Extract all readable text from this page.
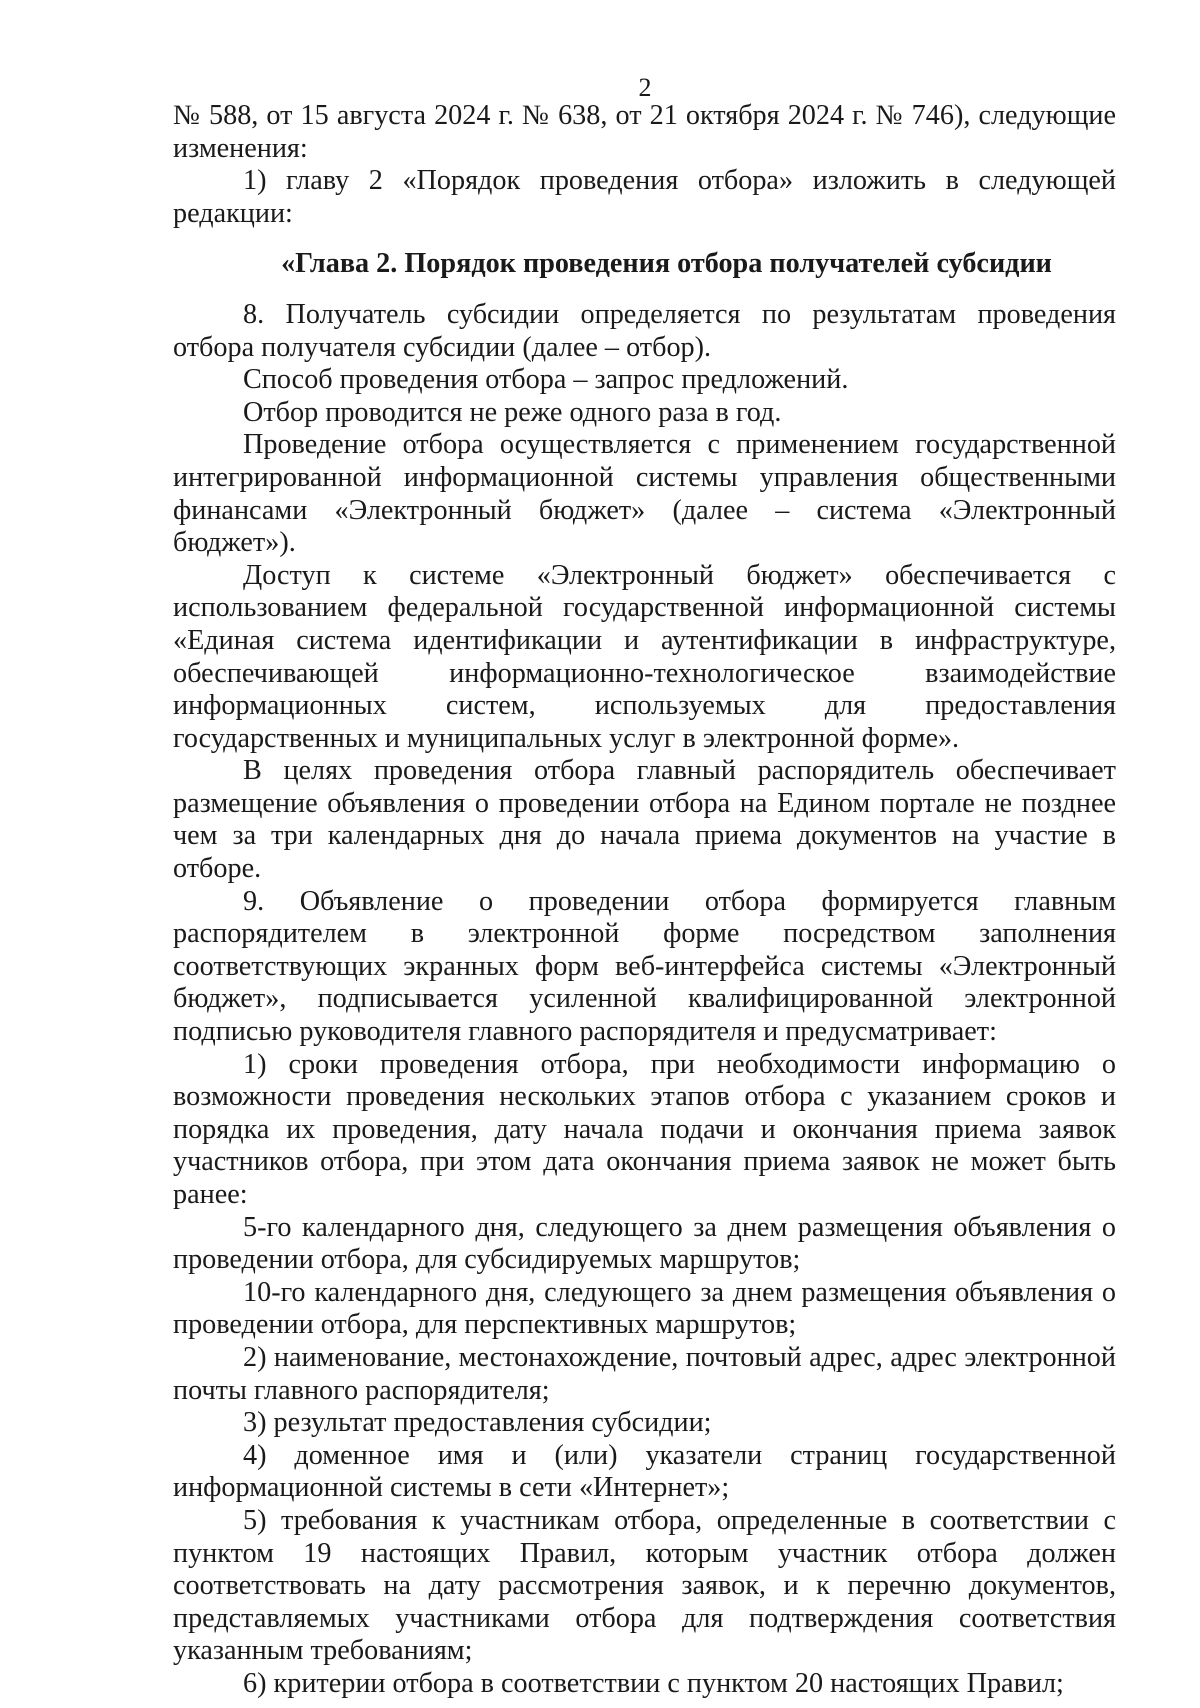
2

№ 588, от 15 августа 2024 г. № 638, от 21 октября 2024 г. № 746), следующие изменения:

1) главу 2 «Порядок проведения отбора» изложить в следующей редакции:

«Глава 2. Порядок проведения отбора получателей субсидии

8. Получатель субсидии определяется по результатам проведения отбора получателя субсидии (далее – отбор).

Способ проведения отбора – запрос предложений.

Отбор проводится не реже одного раза в год.

Проведение отбора осуществляется с применением государственной интегрированной информационной системы управления общественными финансами «Электронный бюджет» (далее – система «Электронный бюджет»).

Доступ к системе «Электронный бюджет» обеспечивается с использованием федеральной государственной информационной системы «Единая система идентификации и аутентификации в инфраструктуре, обеспечивающей информационно-технологическое взаимодействие информационных систем, используемых для предоставления государственных и муниципальных услуг в электронной форме».

В целях проведения отбора главный распорядитель обеспечивает размещение объявления о проведении отбора на Едином портале не позднее чем за три календарных дня до начала приема документов на участие в отборе.

9. Объявление о проведении отбора формируется главным распорядителем в электронной форме посредством заполнения соответствующих экранных форм веб-интерфейса системы «Электронный бюджет», подписывается усиленной квалифицированной электронной подписью руководителя главного распорядителя и предусматривает:

1) сроки проведения отбора, при необходимости информацию о возможности проведения нескольких этапов отбора с указанием сроков и порядка их проведения, дату начала подачи и окончания приема заявок участников отбора, при этом дата окончания приема заявок не может быть ранее:

5-го календарного дня, следующего за днем размещения объявления о проведении отбора, для субсидируемых маршрутов;

10-го календарного дня, следующего за днем размещения объявления о проведении отбора, для перспективных маршрутов;

2) наименование, местонахождение, почтовый адрес, адрес электронной почты главного распорядителя;

3) результат предоставления субсидии;

4) доменное имя и (или) указатели страниц государственной информационной системы в сети «Интернет»;

5) требования к участникам отбора, определенные в соответствии с пунктом 19 настоящих Правил, которым участник отбора должен соответствовать на дату рассмотрения заявок, и к перечню документов, представляемых участниками отбора для подтверждения соответствия указанным требованиям;

6) критерии отбора в соответствии с пунктом 20 настоящих Правил;
